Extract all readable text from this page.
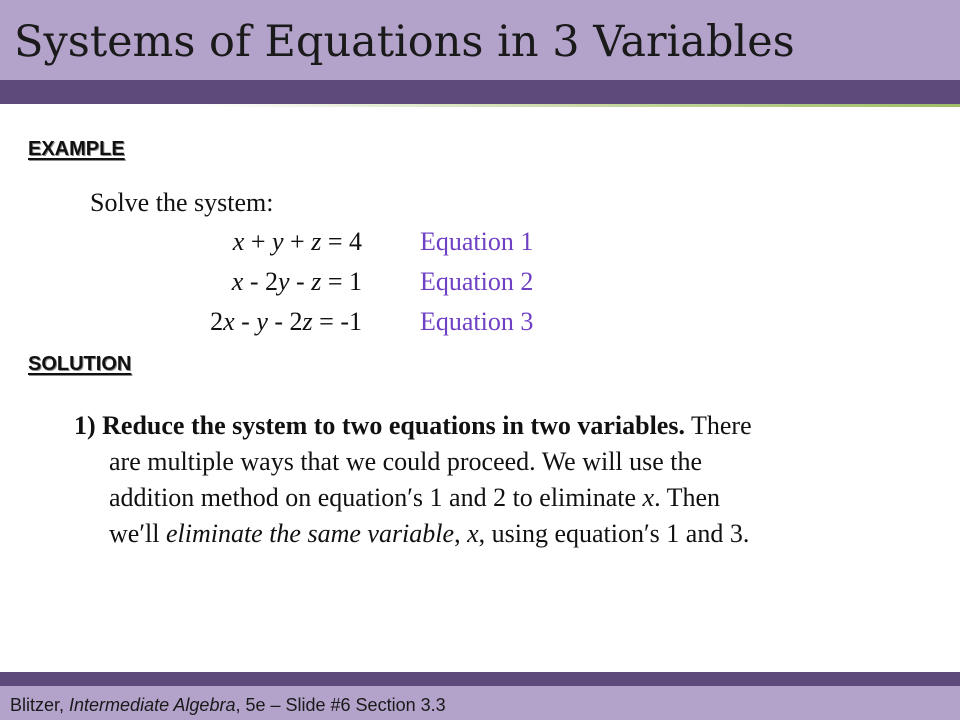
Systems of Equations in 3 Variables
EXAMPLE
Solve the system:
x + y + z = 4 Equation 1
x - 2y - z = 1 Equation 2
2x - y - 2z = -1 Equation 3
SOLUTION
1) Reduce the system to two equations in two variables. There
are multiple ways that we could proceed. We will use the
addition method on equation′s 1 and 2 to eliminate x. Then
we′ll eliminate the same variable, x, using equation′s 1 and 3.
Blitzer, Intermediate Algebra, 5e – Slide #6 Section 3.3
